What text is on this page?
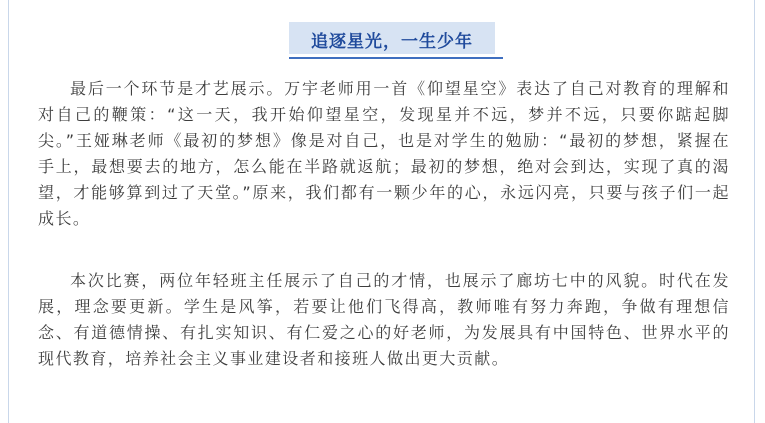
追逐星光，一生少年

最后一个环节是才艺展示。万宇老师用一首《仰望星空》表达了自己对教育的理解和对自己的鞭策：“这一天，我开始仰望星空，发现星并不远，梦并不远，只要你踮起脚尖。”王娅琳老师《最初的梦想》像是对自己，也是对学生的勉励：“最初的梦想，紧握在手上，最想要去的地方，怎么能在半路就返航；最初的梦想，绝对会到达，实现了真的渴望，才能够算到过了天堂。”原来，我们都有一颗少年的心，永远闪亮，只要与孩子们一起成长。

本次比赛，两位年轻班主任展示了自己的才情，也展示了廊坊七中的风貌。时代在发展，理念要更新。学生是风筝，若要让他们飞得高，教师唯有努力奔跑，争做有理想信念、有道德情操、有扎实知识、有仁爱之心的好老师，为发展具有中国特色、世界水平的现代教育，培养社会主义事业建设者和接班人做出更大贡献。
